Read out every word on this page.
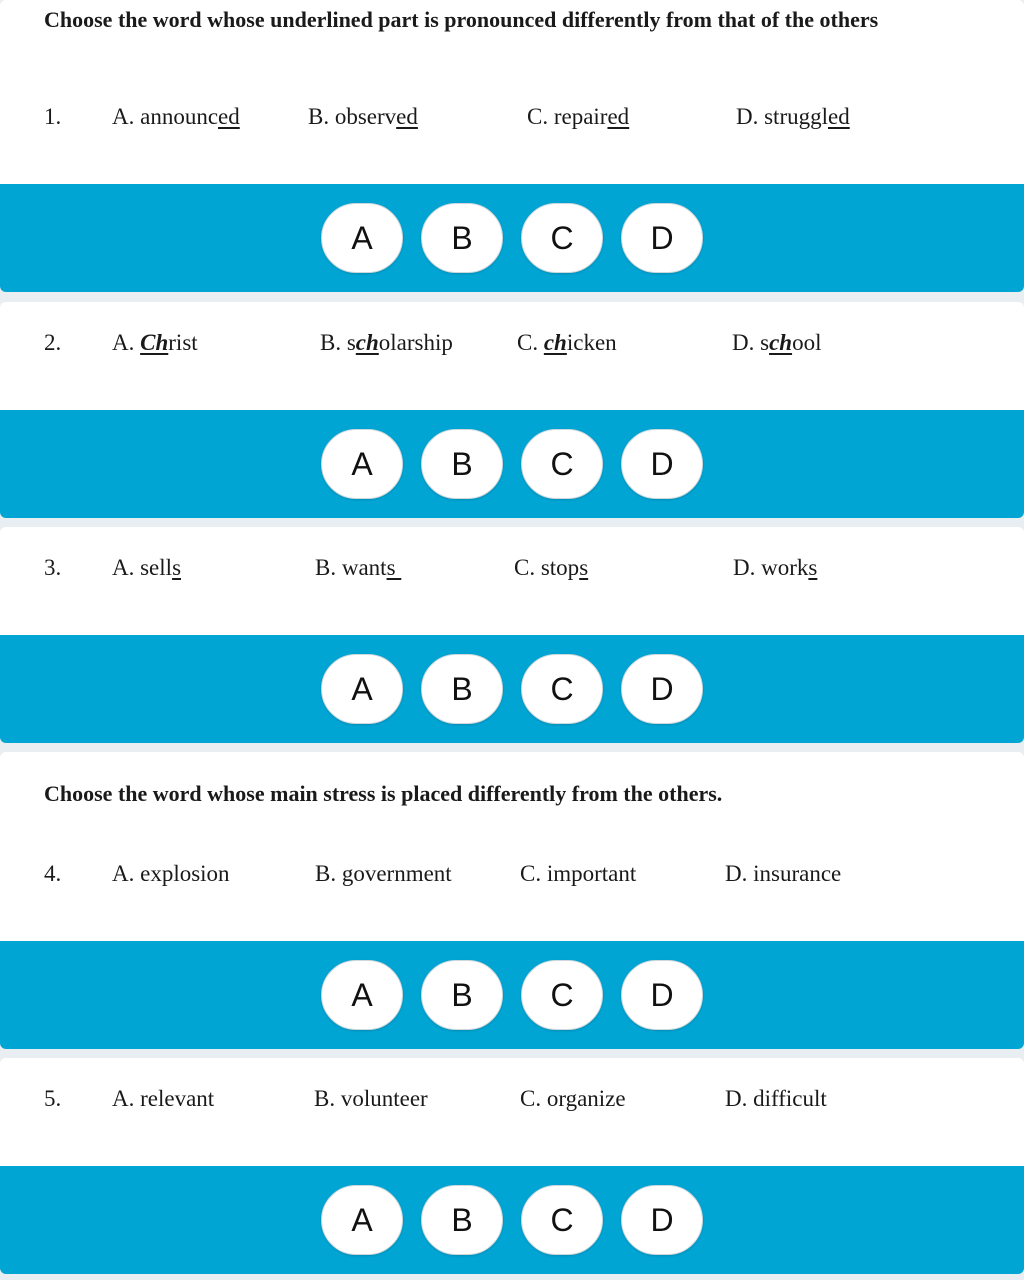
Choose the word whose underlined part is pronounced differently from that of the others
1. A. announced	B. observed	C. repaired	D. struggled
A	B	C	D
2. A. Christ	B. scholarship	C. chicken	D. school
A	B	C	D
3. A. sells	B. wants	C. stops	D. works
A	B	C	D
Choose the word whose main stress is placed differently from the others.
4. A. explosion	B. government	C. important	D. insurance
A	B	C	D
5. A. relevant	B. volunteer	C. organize	D. difficult
A	B	C	D
